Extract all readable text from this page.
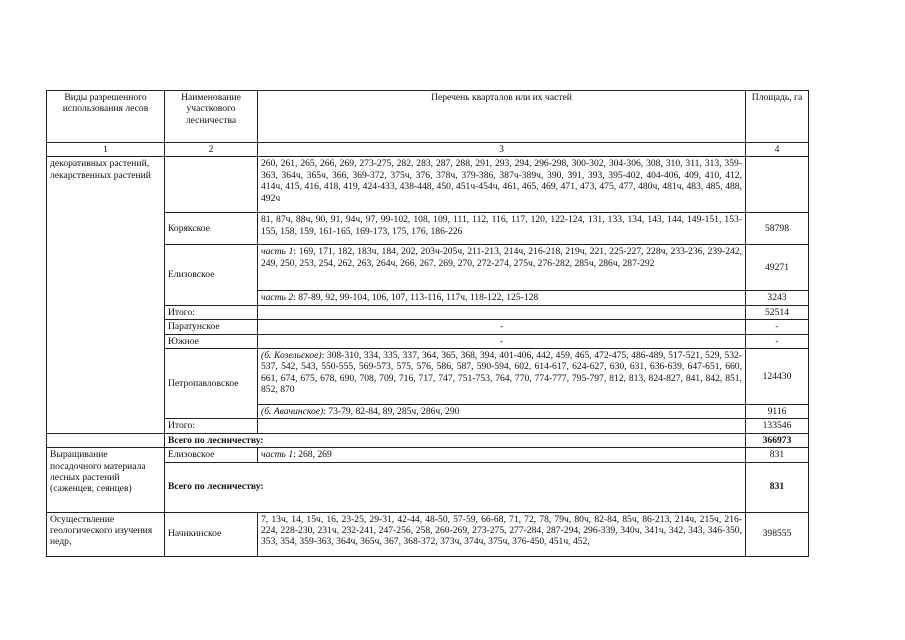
Виды разрешенного использования лесов	Наименование участкового лесничества	Перечень кварталов или их частей	Площадь, га
1	2	3	4
декоративных растений, лекарственных растений		260, 261, 265, 266, 269, 273-275, 282, 283, 287, 288, 291, 293, 294, 296-298, 300-302, 304-306, 308, 310, 311, 313, 359-363, 364ч, 365ч, 366, 369-372, 375ч, 376, 378ч, 379-386, 387ч-389ч, 390, 391, 393, 395-402, 404-406, 409, 410, 412, 414ч, 415, 416, 418, 419, 424-433, 438-448, 450, 451ч-454ч, 461, 465, 469, 471, 473, 475, 477, 480ч, 481ч, 483, 485, 488, 492ч	
	Корякское	81, 87ч, 88ч, 90, 91, 94ч, 97, 99-102, 108, 109, 111, 112, 116, 117, 120, 122-124, 131, 133, 134, 143, 144, 149-151, 153-155, 158, 159, 161-165, 169-173, 175, 176, 186-226	58798
	Елизовское	часть 1: 169, 171, 182, 183ч, 184, 202, 203ч-205ч, 211-213, 214ч, 216-218, 219ч, 221, 225-227, 228ч, 233-236, 239-242, 249, 250, 253, 254, 262, 263, 264ч, 266, 267, 269, 270, 272-274, 275ч, 276-282, 285ч, 286ч, 287-292	49271
		часть 2: 87-89, 92, 99-104, 106, 107, 113-116, 117ч, 118-122, 125-128	3243
	Итого:		52514
	Паратунское	-	-
	Южное	-	-
	Петропавловское	(б. Козельское): 308-310, 334, 335, 337, 364, 365, 368, 394, 401-406, 442, 459, 465, 472-475, 486-489, 517-521, 529, 532-537, 542, 543, 550-555, 569-573, 575, 576, 586, 587, 590-594, 602, 614-617, 624-627, 630, 631, 636-639, 647-651, 660, 661, 674, 675, 678, 690, 708, 709, 716, 717, 747, 751-753, 764, 770, 774-777, 795-797, 812, 813, 824-827, 841, 842, 851, 852, 870	124430
		(б. Авачинское): 73-79, 82-84, 89, 285ч, 286ч, 290	9116
	Итого:		133546
	Всего по лесничеству:		366973
Выращивание посадочного материала лесных растений (саженцев, сеянцев)	Елизовское	часть 1: 268, 269	831
	Всего по лесничеству:		831
Осуществление геологического изучения недр,	Начикинское	7, 13ч, 14, 15ч, 16, 23-25, 29-31, 42-44, 48-50, 57-59, 66-68, 71, 72, 78, 79ч, 80ч, 82-84, 85ч, 86-213, 214ч, 215ч, 216-224, 228-230, 231ч, 232-241, 247-256, 258, 260-269, 273-275, 277-284, 287-294, 296-339, 340ч, 341ч, 342, 343, 346-350, 353, 354, 359-363, 364ч, 365ч, 367, 368-372, 373ч, 374ч, 375ч, 376-450, 451ч, 452,	398555
